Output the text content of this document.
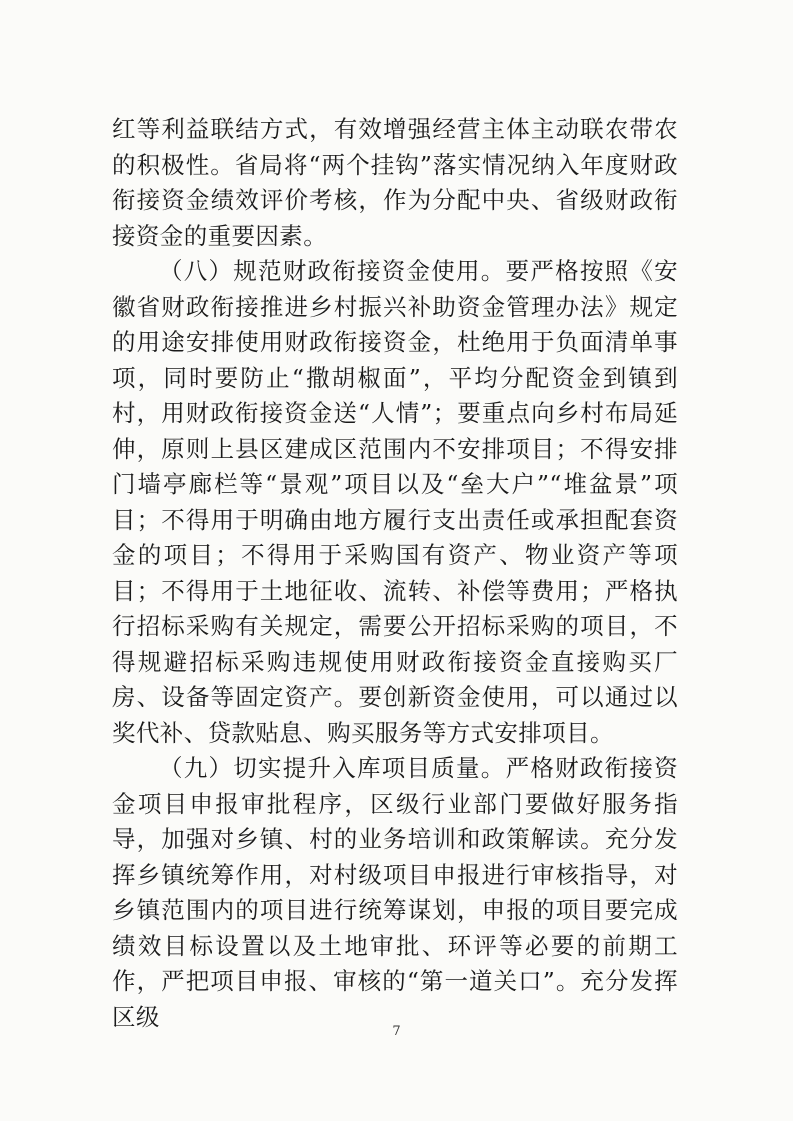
红等利益联结方式，有效增强经营主体主动联农带农的积极性。省局将“两个挂钩”落实情况纳入年度财政衔接资金绩效评价考核，作为分配中央、省级财政衔接资金的重要因素。

（八）规范财政衔接资金使用。要严格按照《安徽省财政衔接推进乡村振兴补助资金管理办法》规定的用途安排使用财政衔接资金，杜绝用于负面清单事项，同时要防止“撒胡椒面”，平均分配资金到镇到村，用财政衔接资金送“人情”；要重点向乡村布局延伸，原则上县区建成区范围内不安排项目；不得安排门墙亭廊栏等“景观”项目以及“垒大户”“堆盆景”项目；不得用于明确由地方履行支出责任或承担配套资金的项目；不得用于采购国有资产、物业资产等项目；不得用于土地征收、流转、补偿等费用；严格执行招标采购有关规定，需要公开招标采购的项目，不得规避招标采购违规使用财政衔接资金直接购买厂房、设备等固定资产。要创新资金使用，可以通过以奖代补、贷款贴息、购买服务等方式安排项目。

（九）切实提升入库项目质量。严格财政衔接资金项目申报审批程序，区级行业部门要做好服务指导，加强对乡镇、村的业务培训和政策解读。充分发挥乡镇统筹作用，对村级项目申报进行审核指导，对乡镇范围内的项目进行统筹谋划，申报的项目要完成绩效目标设置以及土地审批、环评等必要的前期工作，严把项目申报、审核的“第一道关口”。充分发挥区级

7
